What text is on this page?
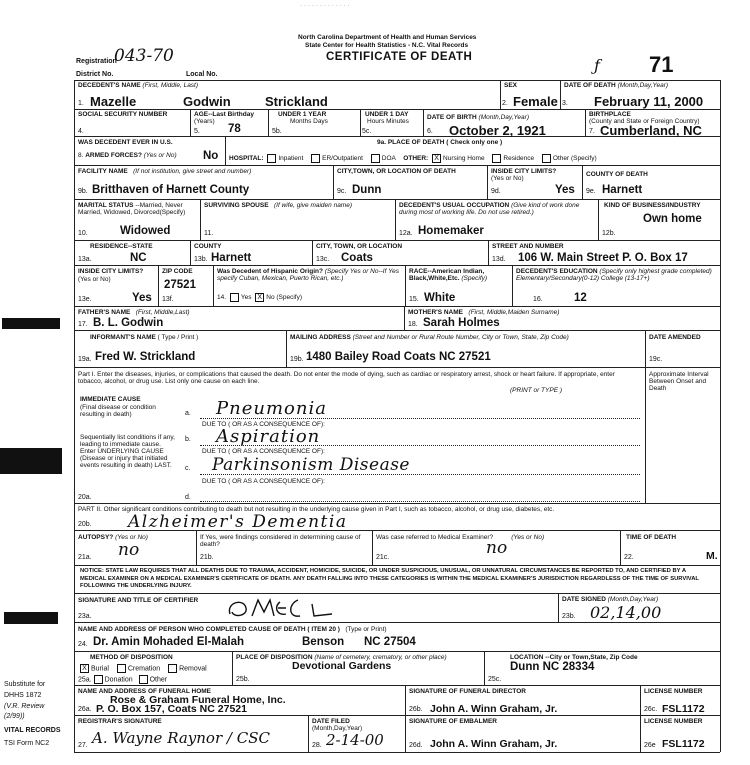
· · · · · · · · · · · · ·
North Carolina Department of Health and Human Services
State Center for Health Statistics - N.C. Vital Records
CERTIFICATE OF DEATH
Registration
043-70
District No.	Local No.	ƒ 71
DECEDENT'S NAME (First, Middle, Last)
1. Mazelle	Godwin	Strickland
SEX
2. Female
DATE OF DEATH (Month,Day,Year)
3. February 11, 2000
SOCIAL SECURITY NUMBER
4.
AGE--Last Birthday
(Years)
5. 78
UNDER 1 YEAR
Months Days
5b.
UNDER 1 DAY
Hours Minutes
5c.
DATE OF BIRTH (Month,Day,Year)
6. October 2, 1921
BIRTHPLACE
(County and State or Foreign Country)
7. Cumberland, NC
WAS DECEDENT EVER IN U.S.
8. ARMED FORCES? (Yes or No) No
9a. PLACE OF DEATH ( Check only one )
HOSPITAL: Inpatient	ER/Outpatient	DOA OTHER: X Nursing Home	Residence	Other (Specify)
FACILITY NAME (If not institution, give street and number)
9b. Britthaven of Harnett County
CITY,TOWN, OR LOCATION OF DEATH
9c. Dunn
INSIDE CITY LIMITS?
(Yes or No)
9d.	Yes
COUNTY OF DEATH
9e. Harnett
MARITAL STATUS --Married, Never Married, Widowed, Divorced(Specify)
10.	Widowed
SURVIVING SPOUSE (If wife, give maiden name)
11.
DECEDENT'S USUAL OCCUPATION (Give kind of work done during most of working life. Do not use retired.)
12a. Homemaker
KIND OF BUSINESS/INDUSTRY
12b.
Own home
RESIDENCE--STATE
13a.	NC
COUNTY
13b. Harnett
CITY, TOWN, OR LOCATION
13c. Coats
STREET AND NUMBER
13d. 106 W. Main Street P. O. Box 17
INSIDE CITY LIMITS?
(Yes or No)
13e.	Yes
ZIP CODE
27521
13f.
Was Decedent of Hispanic Origin? (Specify Yes or No--If Yes specify Cuban, Mexican, Puerto Rican, etc.)
14. Yes X No (Specify)
RACE--American Indian, Black,White,Etc. (Specify)
15. White
DECEDENT'S EDUCATION (Specify only highest grade completed) Elementary/Secondary(0-12) College (13-17+)
16.	12
FATHER'S NAME (First, Middle,Last)
17. B. L. Godwin
MOTHER'S NAME (First, Middle,Maiden Surname)
18. Sarah Holmes
INFORMANT'S NAME ( Type / Print )
19a. Fred W. Strickland
MAILING ADDRESS (Street and Number or Rural Route Number, City or Town, State, Zip Code)
19b. 1480 Bailey Road Coats NC 27521
DATE AMENDED
19c.
Part I. Enter the diseases, injuries, or complications that caused the death. Do not enter the mode of dying, such as cardiac or respiratory arrest, shock or heart failure. If appropriate, enter tobacco, alcohol, or drug use. List only one cause on each line.
(PRINT or TYPE )
Approximate Interval Between Onset and Death
IMMEDIATE CAUSE
(Final disease or condition resulting in death)	a. Pneumonia
DUE TO ( OR AS A CONSEQUENCE OF):
Sequentially list conditions if any, leading to immediate cause. Enter UNDERLYING CAUSE (Disease or injury that initiated events resulting in death) LAST.
b. Aspiration
DUE TO ( OR AS A CONSEQUENCE OF):
c. Parkinsonism Disease
DUE TO ( OR AS A CONSEQUENCE OF):
d.
20a.
PART II. Other significant conditions contributing to death but not resulting in the underlying cause given in Part I, such as tobacco, alcohol, or drug use, diabetes, etc.
20b. Alzheimer's Dementia
AUTOPSY? (Yes or No)
21a. no
If Yes, were findings considered in determining cause of death?
21b.
Was case referred to Medical Examiner?	(Yes or No)
21c.	no
TIME OF DEATH
22.	M.
NOTICE: STATE LAW REQUIRES THAT ALL DEATHS DUE TO TRAUMA, ACCIDENT, HOMICIDE, SUICIDE, OR UNDER SUSPICIOUS, UNUSUAL, OR UNNATURAL CIRCUMSTANCES BE REPORTED TO, AND CERTIFIED BY A MEDICAL EXAMINER ON A MEDICAL EXAMINER'S CERTIFICATE OF DEATH. ANY DEATH FALLING INTO THESE CATEGORIES IS WITHIN THE MEDICAL EXAMINER'S JURISDICTION REGARDLESS OF THE TIME OF SURVIVAL FOLLOWING THE UNDERLYING INJURY.
SIGNATURE AND TITLE OF CERTIFIER
23a.
DATE SIGNED (Month,Day,Year)
23b. 02,14,00
NAME AND ADDRESS OF PERSON WHO COMPLETED CAUSE OF DEATH ( ITEM 20 ) (Type or Print)
24. Dr. Amin Mohaded El-Malah	Benson NC 27504
METHOD OF DISPOSITION
X Burial	Cremation	Removal
25a. Donation Other
PLACE OF DISPOSITION (Name of cemetery, crematory, or other place)
Devotional Gardens
25b.
LOCATION --City or Town,State, Zip Code
Dunn NC 28334
25c.
NAME AND ADDRESS OF FUNERAL HOME
Rose & Graham Funeral Home, Inc.
26a. P. O. Box 157, Coats NC 27521
SIGNATURE OF FUNERAL DIRECTOR
26b. John A. Winn Graham, Jr.
LICENSE NUMBER
26c. FSL1172
REGISTRAR'S SIGNATURE
27. A. Wayne Raynor / CSC
DATE FILED
(Month,Day,Year)
28. 2-14-00
SIGNATURE OF EMBALMER
26d. John A. Winn Graham, Jr.
LICENSE NUMBER
26e FSL1172
Substitute for
DHHS 1872
(V.R. Review
(2/99))
VITAL RECORDS
TSI Form NC2
